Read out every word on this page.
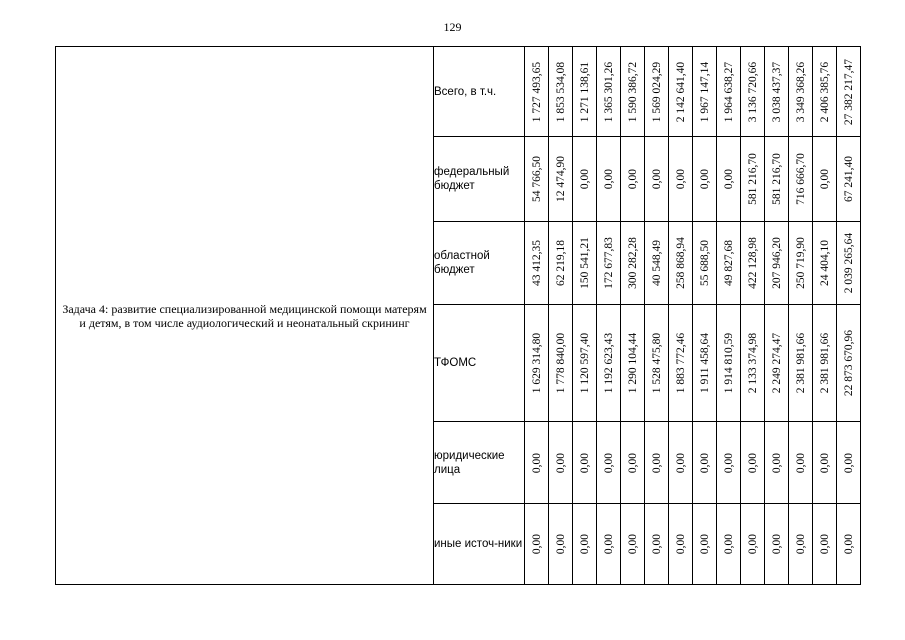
129
Задача 4: развитие специализированной медицинской помощи матерям и детям, в том числе аудиологический и неонатальный скрининг	Всего, в т.ч.	1 727 493,65	1 853 534,08	1 271 138,61	1 365 301,26	1 590 386,72	1 569 024,29	2 142 641,40	1 967 147,14	1 964 638,27	3 136 720,66	3 038 437,37	3 349 368,26	2 406 385,76	27 382 217,47

	федеральный бюджет	54 766,50	12 474,90	0,00	0,00	0,00	0,00	0,00	0,00	0,00	581 216,70	581 216,70	716 666,70	0,00	67 241,40

	областной бюджет	43 412,35	62 219,18	150 541,21	172 677,83	300 282,28	40 548,49	258 868,94	55 688,50	49 827,68	422 128,98	207 946,20	250 719,90	24 404,10	2 039 265,64

	ТФОМС	1 629 314,80	1 778 840,00	1 120 597,40	1 192 623,43	1 290 104,44	1 528 475,80	1 883 772,46	1 911 458,64	1 914 810,59	2 133 374,98	2 249 274,47	2 381 981,66	2 381 981,66	22 873 670,96

	юридические лица	0,00	0,00	0,00	0,00	0,00	0,00	0,00	0,00	0,00	0,00	0,00	0,00	0,00	0,00

	иные источ-ники	0,00	0,00	0,00	0,00	0,00	0,00	0,00	0,00	0,00	0,00	0,00	0,00	0,00	0,00
